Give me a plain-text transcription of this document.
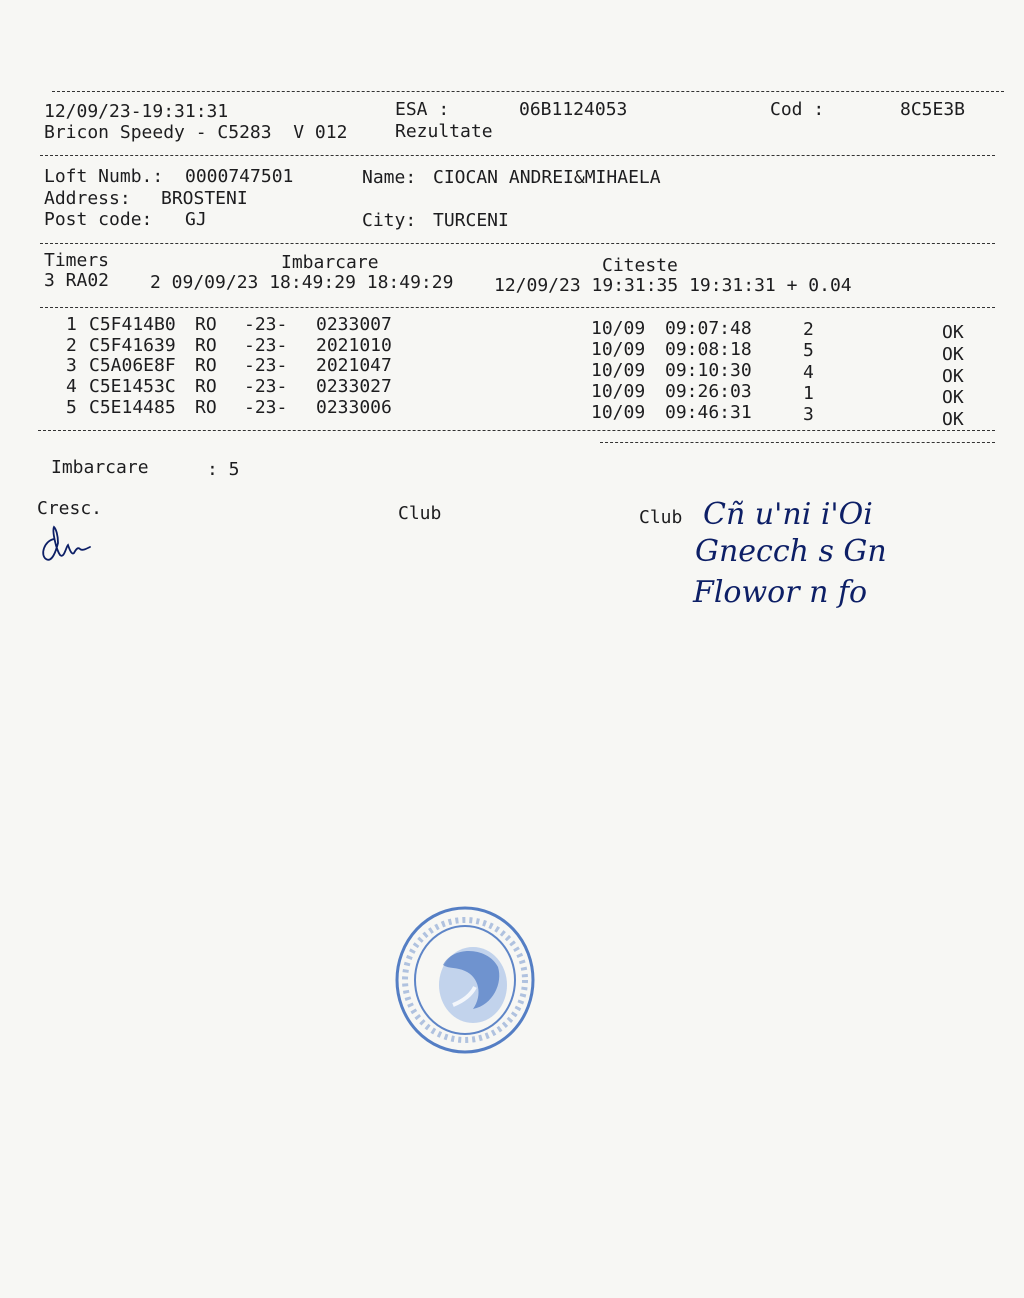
12/09/23-19:31:31	ESA :	06B1124053	Cod :	8C5E3B
Bricon Speedy - C5283  V 012	Rezultate
Loft Numb.: 0000747501	Name: CIOCAN ANDREI&MIHAELA
Address: BROSTENI
Post code: GJ	City: TURCENI
Timers	Imbarcare	Citeste
3 RA02 2 09/09/23 18:49:29 18:49:29 12/09/23 19:31:35 19:31:31 + 0.04
1 C5F414B0 RO -23- 0233007	10/09 09:07:48	2	OK
2 C5F41639 RO -23- 2021010	10/09 09:08:18	5	OK
3 C5A06E8F RO -23- 2021047	10/09 09:10:30	4	OK
4 C5E1453C RO -23- 0233027	10/09 09:26:03	1	OK
5 C5E14485 RO -23- 0233006	10/09 09:46:31	3	OK
Imbarcare	: 5
Cresc.	Club	Club Cñ u'ni i'Oi
Gnecch s Gn
Flowor n fo
